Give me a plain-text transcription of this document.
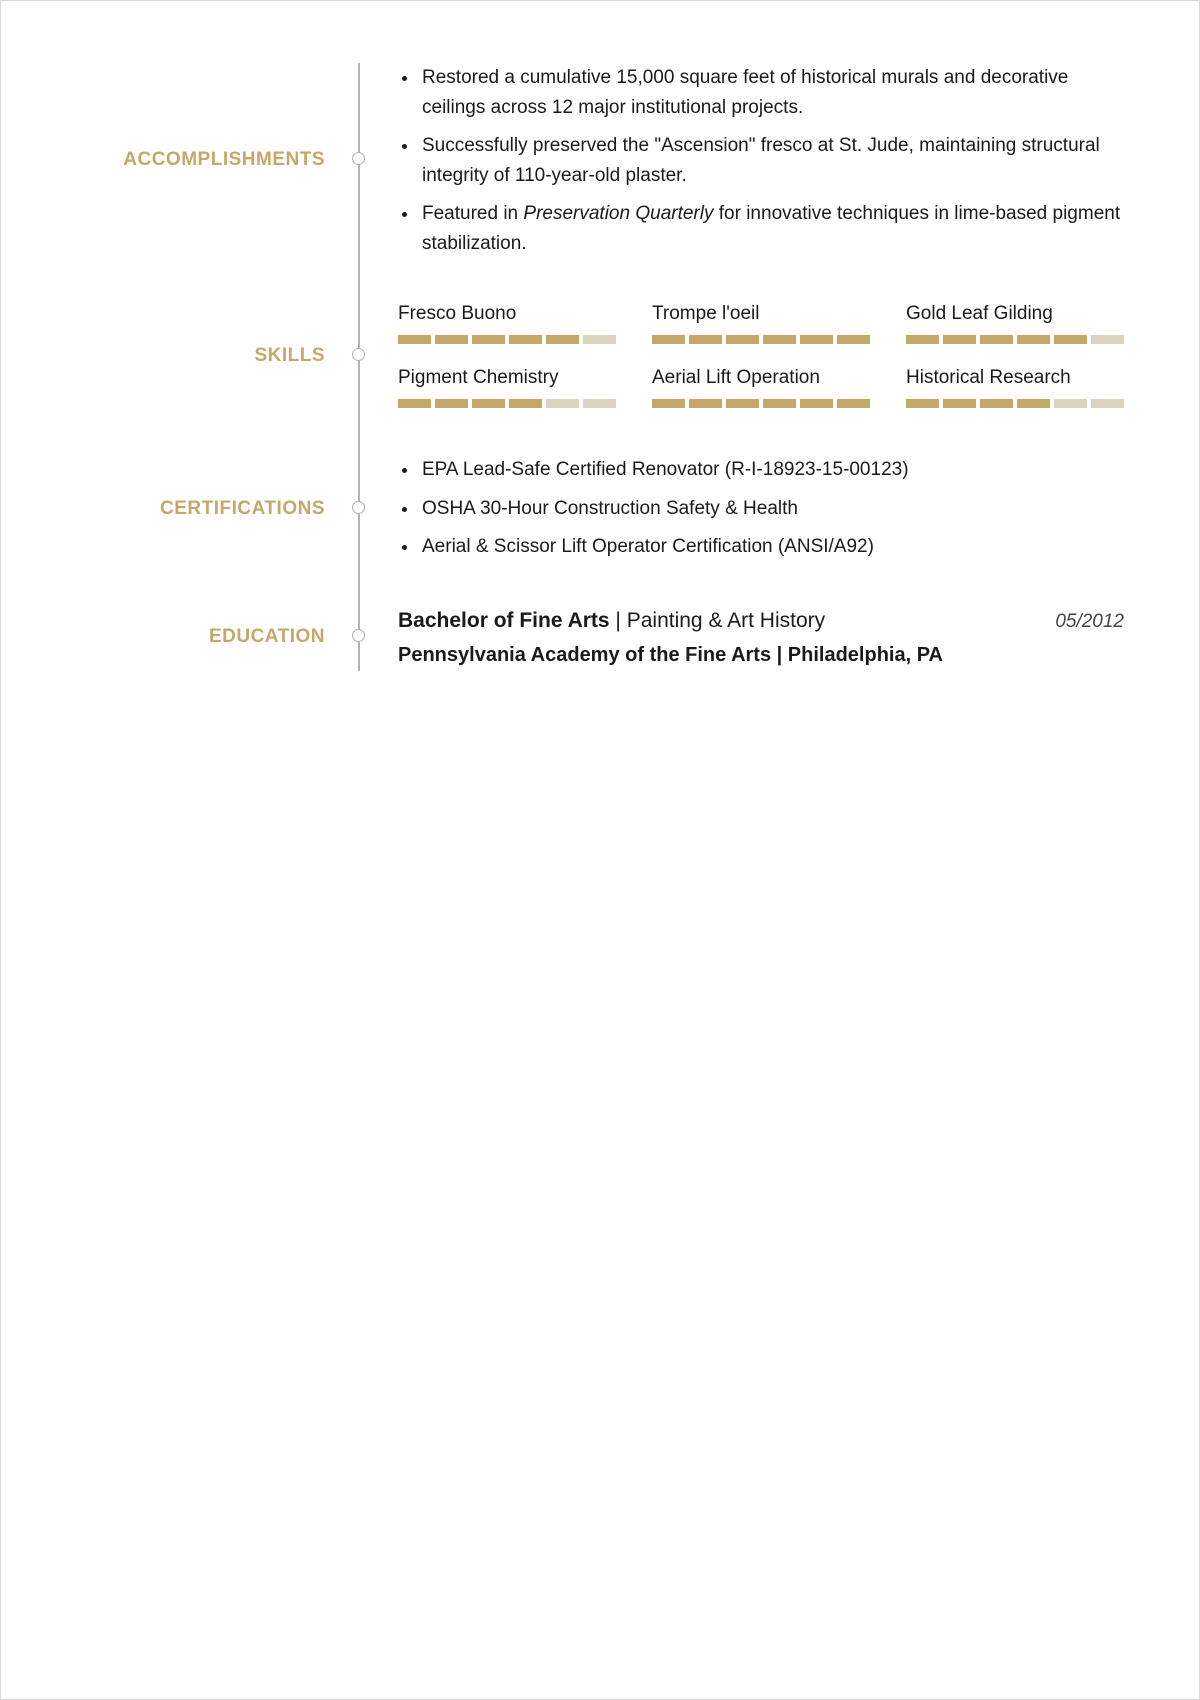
ACCOMPLISHMENTS
Restored a cumulative 15,000 square feet of historical murals and decorative ceilings across 12 major institutional projects.
Successfully preserved the "Ascension" fresco at St. Jude, maintaining structural integrity of 110-year-old plaster.
Featured in Preservation Quarterly for innovative techniques in lime-based pigment stabilization.
SKILLS
Fresco Buono	Trompe l'oeil	Gold Leaf Gilding
Pigment Chemistry	Aerial Lift Operation	Historical Research
CERTIFICATIONS
EPA Lead-Safe Certified Renovator (R-I-18923-15-00123)
OSHA 30-Hour Construction Safety & Health
Aerial & Scissor Lift Operator Certification (ANSI/A92)
EDUCATION
Bachelor of Fine Arts | Painting & Art History	05/2012
Pennsylvania Academy of the Fine Arts | Philadelphia, PA
